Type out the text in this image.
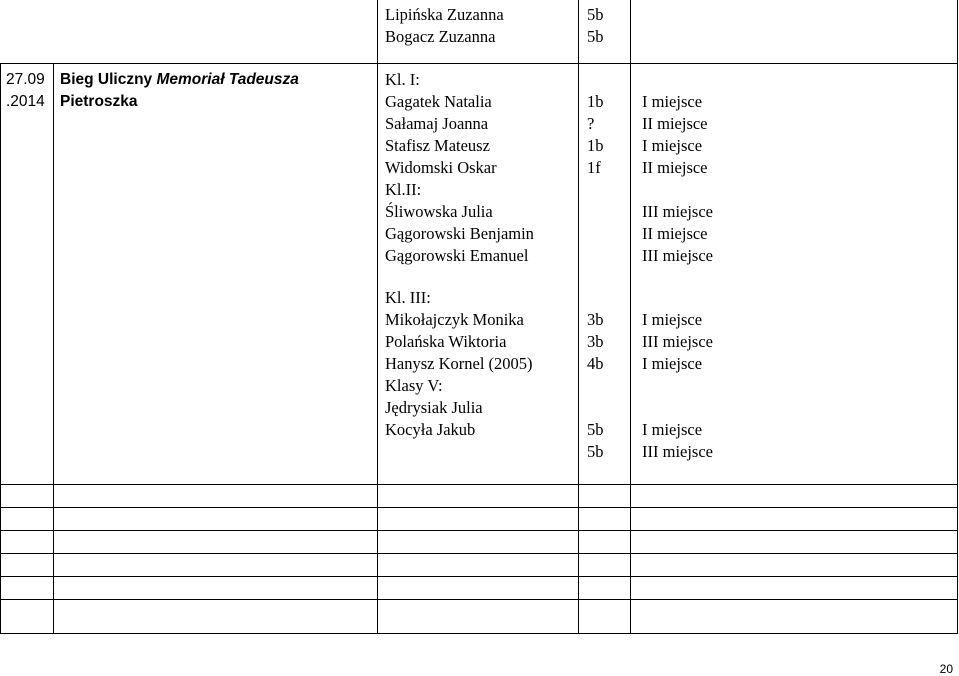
Lipińska Zuzanna
Bogacz Zuzanna
5b
5b
27.09
.2014
Bieg Uliczny Memoriał Tadeusza
Pietroszka
Kl. I:
Gagatek Natalia
Sałamaj Joanna
Stafisz Mateusz
Widomski Oskar
Kl.II:
Śliwowska Julia
Gągorowski Benjamin
Gągorowski Emanuel
1b
?
1b
1f
I miejsce
II miejsce
I miejsce
II miejsce
III miejsce
II miejsce
III miejsce
Kl. III:
Mikołajczyk Monika
Polańska Wiktoria
Hanysz Kornel (2005)
Klasy V:
Jędrysiak Julia
Kocyła Jakub
3b
3b
4b
5b
5b
I miejsce
III miejsce
I miejsce
I miejsce
III miejsce
20
